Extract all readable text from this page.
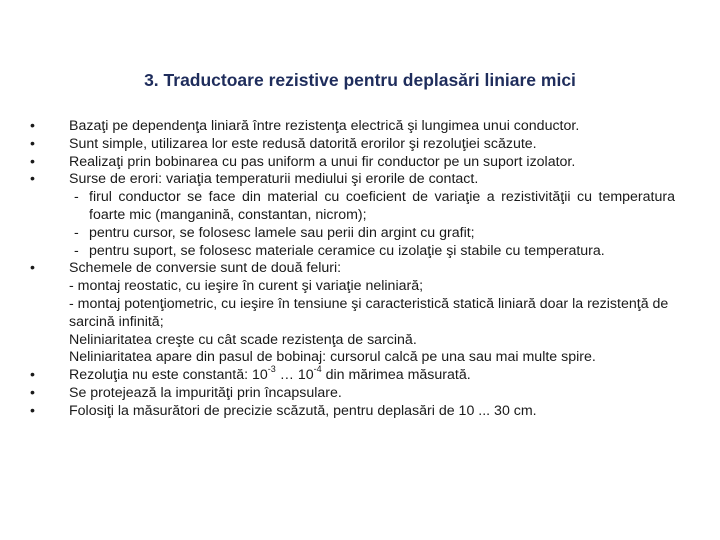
3. Traductoare rezistive pentru deplasări liniare mici
•	Bazaţi pe dependenţa liniară între rezistenţa electrică şi lungimea unui conductor.
•	Sunt simple, utilizarea lor este redusă datorită erorilor şi rezoluţiei scăzute.
•	Realizaţi prin bobinarea cu pas uniform a unui fir conductor pe un suport izolator.
•	Surse de erori: variaţia temperaturii mediului şi erorile de contact.
- firul conductor se face din material cu coeficient de variaţie a rezistivităţii cu temperatura foarte mic (manganină, constantan, nicrom);
- pentru cursor, se folosesc lamele sau perii din argint cu grafit;
- pentru suport, se folosesc materiale ceramice cu izolaţie şi stabile cu temperatura.
•	Schemele de conversie sunt de două feluri:
- montaj reostatic, cu ieşire în curent şi variaţie neliniară;
- montaj potenţiometric, cu ieşire în tensiune şi caracteristică statică liniară doar la rezistenţă de sarcină infinită;
Neliniaritatea creşte cu cât scade rezistenţa de sarcină.
Neliniaritatea apare din pasul de bobinaj: cursorul calcă pe una sau mai multe spire.
•	Rezoluţia nu este constantă: $10^{-3}$ … $10^{-4}$ din mărimea măsurată.
•	Se protejează la impurităţi prin încapsulare.
•	Folosiţi la măsurători de precizie scăzută, pentru deplasări de 10 ... 30 cm.
